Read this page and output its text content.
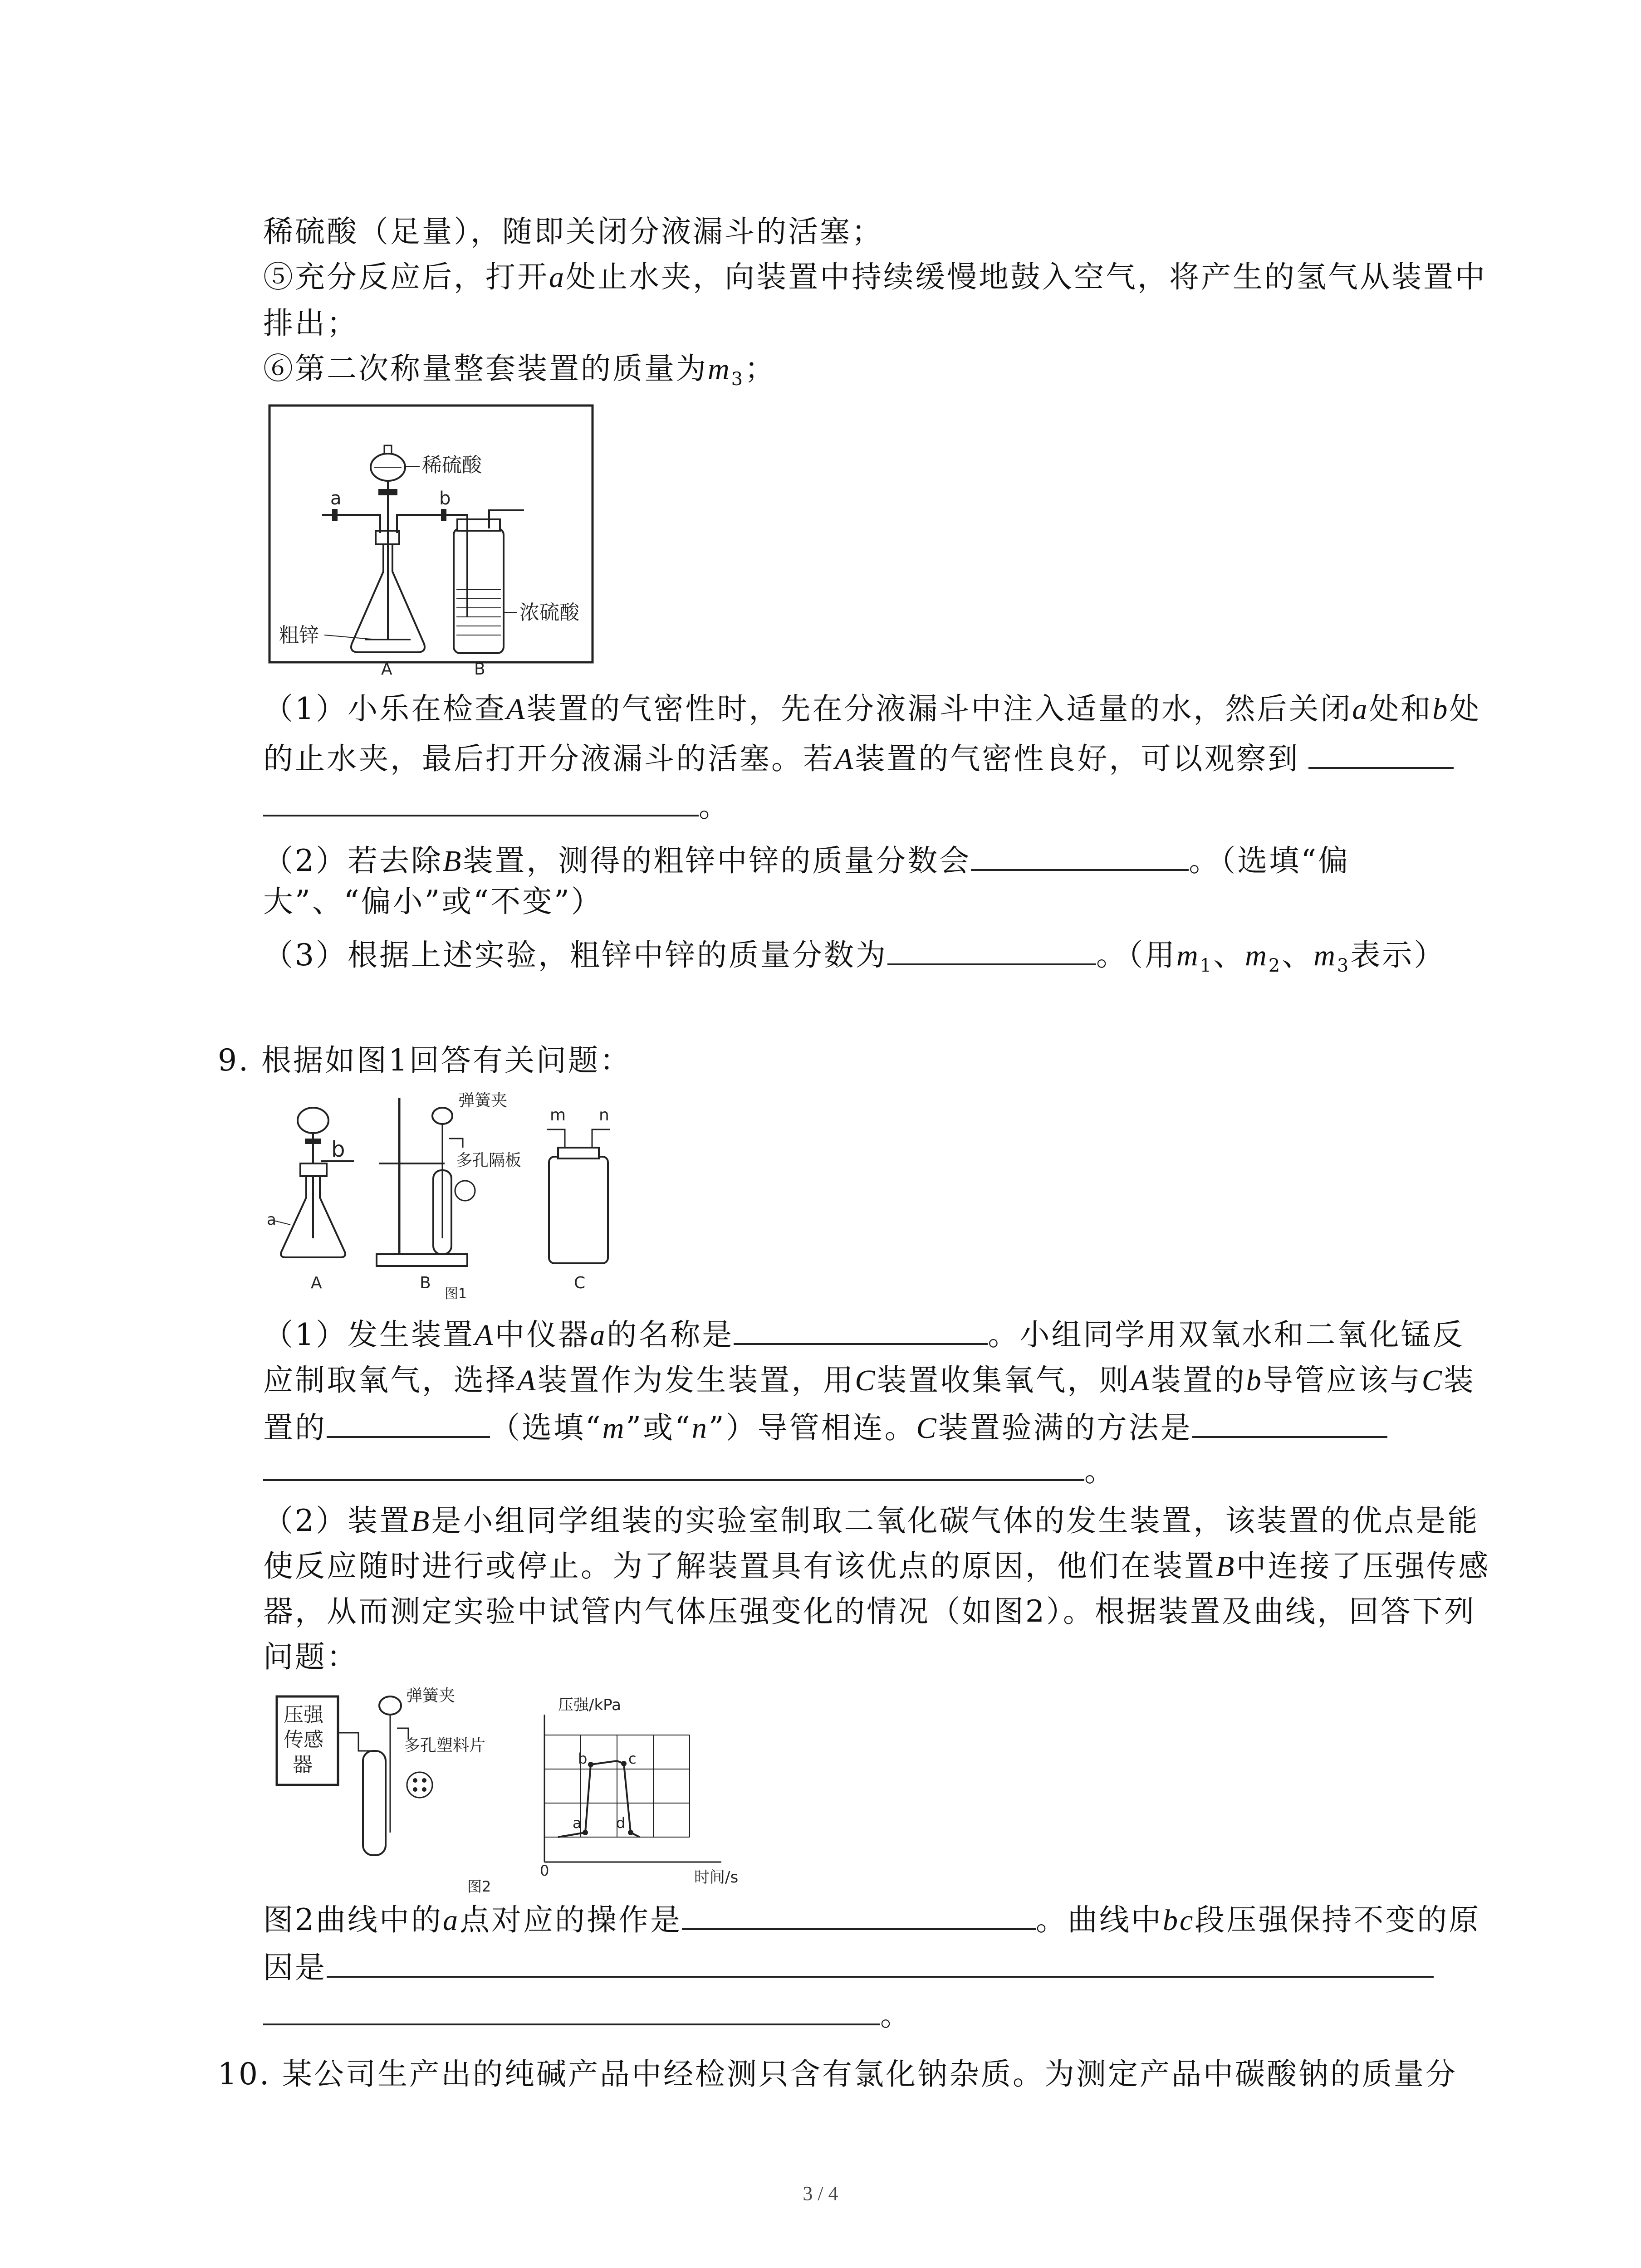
稀硫酸（足量），随即关闭分液漏斗的活塞；
⑤充分反应后，打开a处止水夹，向装置中持续缓慢地鼓入空气，将产生的氢气从装置中
排出；
⑥第二次称量整套装置的质量为$m_3$；
稀硫酸
a	b
浓硫酸
粗锌
A	B
（1）小乐在检查A装置的气密性时，先在分液漏斗中注入适量的水，然后关闭a处和b处
的止水夹，最后打开分液漏斗的活塞。若A装置的气密性良好，可以观察到
。
（2）若去除B装置，测得的粗锌中锌的质量分数会	。（选填“偏
大”、“偏小”或“不变”）
（3）根据上述实验，粗锌中锌的质量分数为	。（用$m_1$、$m_2$、$m_3$表示）
9. 根据如图1回答有关问题：
b
a
A
弹簧夹
多孔隔板
B
图1
m n
C
（1）发生装置A中仪器a的名称是	。小组同学用双氧水和二氧化锰反
应制取氧气，选择A装置作为发生装置，用C装置收集氧气，则A装置的b导管应该与C装
置的	（选填“m”或“n”）导管相连。C装置验满的方法是
。
（2）装置B是小组同学组装的实验室制取二氧化碳气体的发生装置，该装置的优点是能
使反应随时进行或停止。为了解装置具有该优点的原因，他们在装置B中连接了压强传感
器，从而测定实验中试管内气体压强变化的情况（如图2）。根据装置及曲线，回答下列
问题：
压强
传感
器
弹簧夹
多孔塑料片
图2
压强/kPa
时间/s
0
a
b	c
d
图2曲线中的a点对应的操作是	。曲线中bc段压强保持不变的原
因是
。
10. 某公司生产出的纯碱产品中经检测只含有氯化钠杂质。为测定产品中碳酸钠的质量分
3 / 4
